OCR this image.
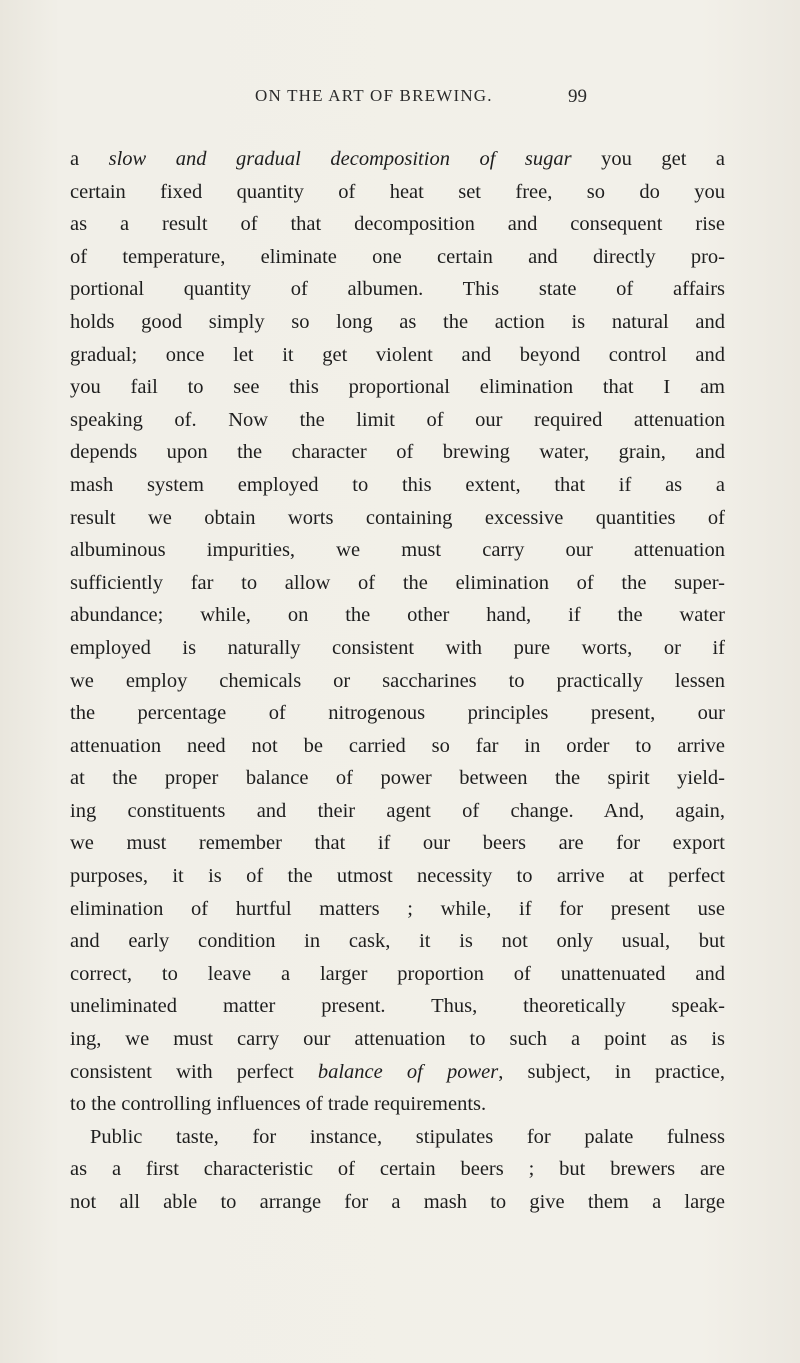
ON THE ART OF BREWING.	99
a slow and gradual decomposition of sugar you get a
certain fixed quantity of heat set free, so do you
as a result of that decomposition and consequent rise
of temperature, eliminate one certain and directly pro-
portional quantity of albumen. This state of affairs
holds good simply so long as the action is natural and
gradual; once let it get violent and beyond control and
you fail to see this proportional elimination that I am
speaking of. Now the limit of our required attenuation
depends upon the character of brewing water, grain, and
mash system employed to this extent, that if as a
result we obtain worts containing excessive quantities of
albuminous impurities, we must carry our attenuation
sufficiently far to allow of the elimination of the super-
abundance; while, on the other hand, if the water
employed is naturally consistent with pure worts, or if
we employ chemicals or saccharines to practically lessen
the percentage of nitrogenous principles present, our
attenuation need not be carried so far in order to arrive
at the proper balance of power between the spirit yield-
ing constituents and their agent of change. And, again,
we must remember that if our beers are for export
purposes, it is of the utmost necessity to arrive at perfect
elimination of hurtful matters ; while, if for present use
and early condition in cask, it is not only usual, but
correct, to leave a larger proportion of unattenuated and
uneliminated matter present. Thus, theoretically speak-
ing, we must carry our attenuation to such a point as is
consistent with perfect balance of power, subject, in practice,
to the controlling influences of trade requirements.
Public taste, for instance, stipulates for palate fulness
as a first characteristic of certain beers ; but brewers are
not all able to arrange for a mash to give them a large
